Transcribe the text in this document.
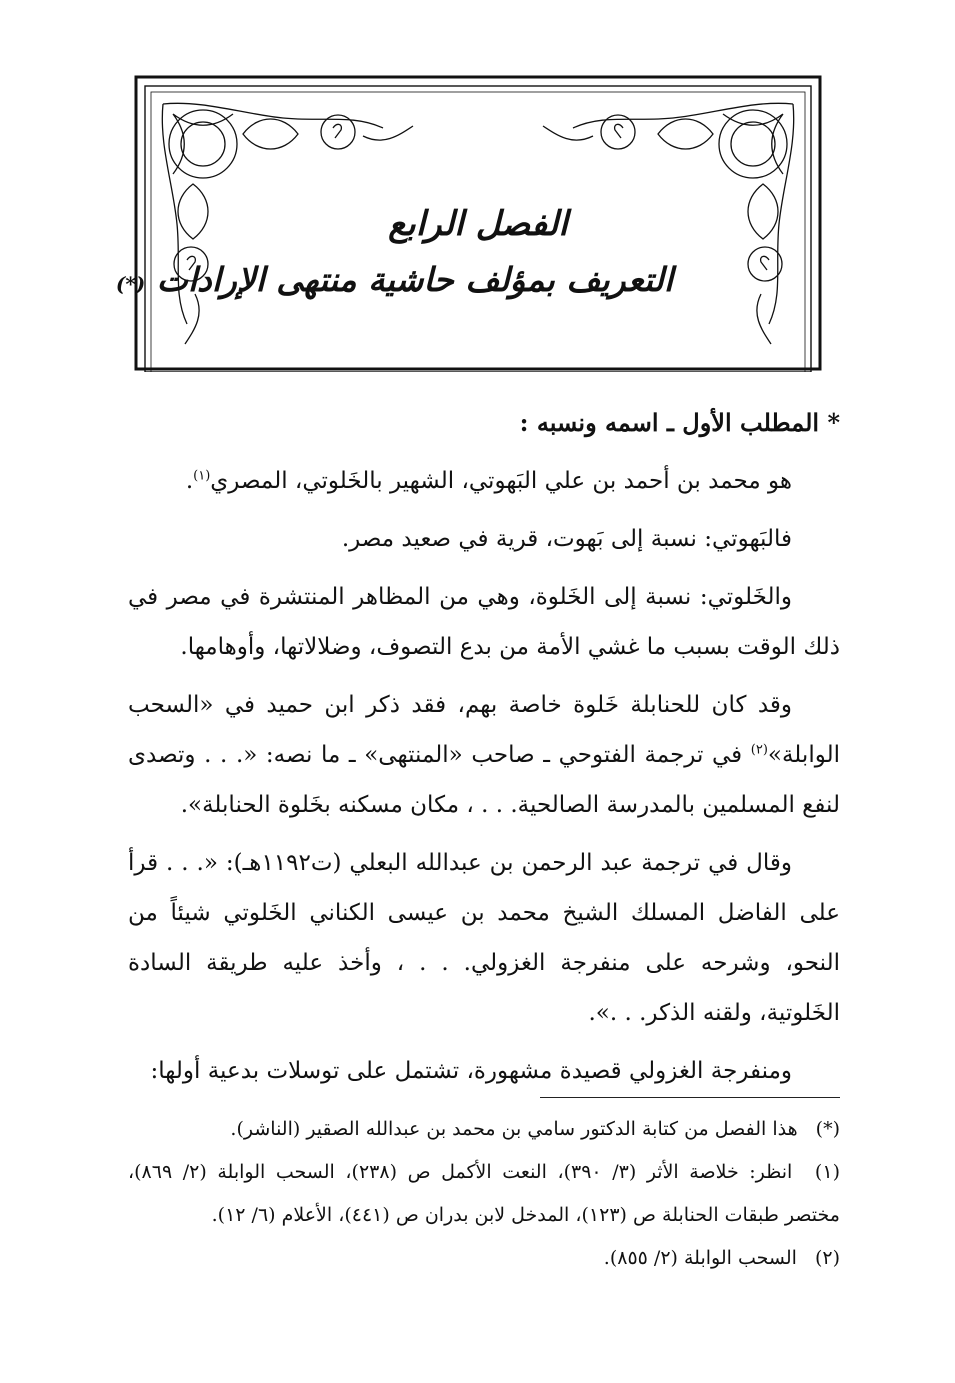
الفصل الرابع
التعريف بمؤلف حاشية منتهى الإرادات (*)
* المطلب الأول ـ اسمه ونسبه :

هو محمد بن أحمد بن علي البَهوتي، الشهير بالخَلوتي، المصري$^{(١)}$.

فالبَهوتي: نسبة إلى بَهوت، قرية في صعيد مصر.

والخَلوتي: نسبة إلى الخَلوة، وهي من المظاهر المنتشرة في مصر في ذلك الوقت بسبب ما غشي الأمة من بدع التصوف، وضلالاتها، وأوهامها.

وقد كان للحنابلة خَلوة خاصة بهم، فقد ذكر ابن حميد في «السحب الوابلة»$^{(٢)}$ في ترجمة الفتوحي ـ صاحب «المنتهى» ـ ما نصه: «. . . وتصدى لنفع المسلمين بالمدرسة الصالحية. . . ، مكان مسكنه بخَلوة الحنابلة».

وقال في ترجمة عبد الرحمن بن عبدالله البعلي (ت١١٩٢هـ): «. . . قرأ على الفاضل المسلك الشيخ محمد بن عيسى الكناني الخَلوتي شيئاً من النحو، وشرحه على منفرجة الغزولي. . . ، وأخذ عليه طريقة السادة الخَلوتية، ولقنه الذكر. . .».

ومنفرجة الغزولي قصيدة مشهورة، تشتمل على توسلات بدعية أولها:

(*) هذا الفصل من كتابة الدكتور سامي بن محمد بن عبدالله الصقير (الناشر).

(١) انظر: خلاصة الأثر (٣/ ٣٩٠)، النعت الأكمل ص (٢٣٨)، السحب الوابلة (٢/ ٨٦٩)، مختصر طبقات الحنابلة ص (١٢٣)، المدخل لابن بدران ص (٤٤١)، الأعلام (٦/ ١٢).

(٢) السحب الوابلة (٢/ ٨٥٥).
